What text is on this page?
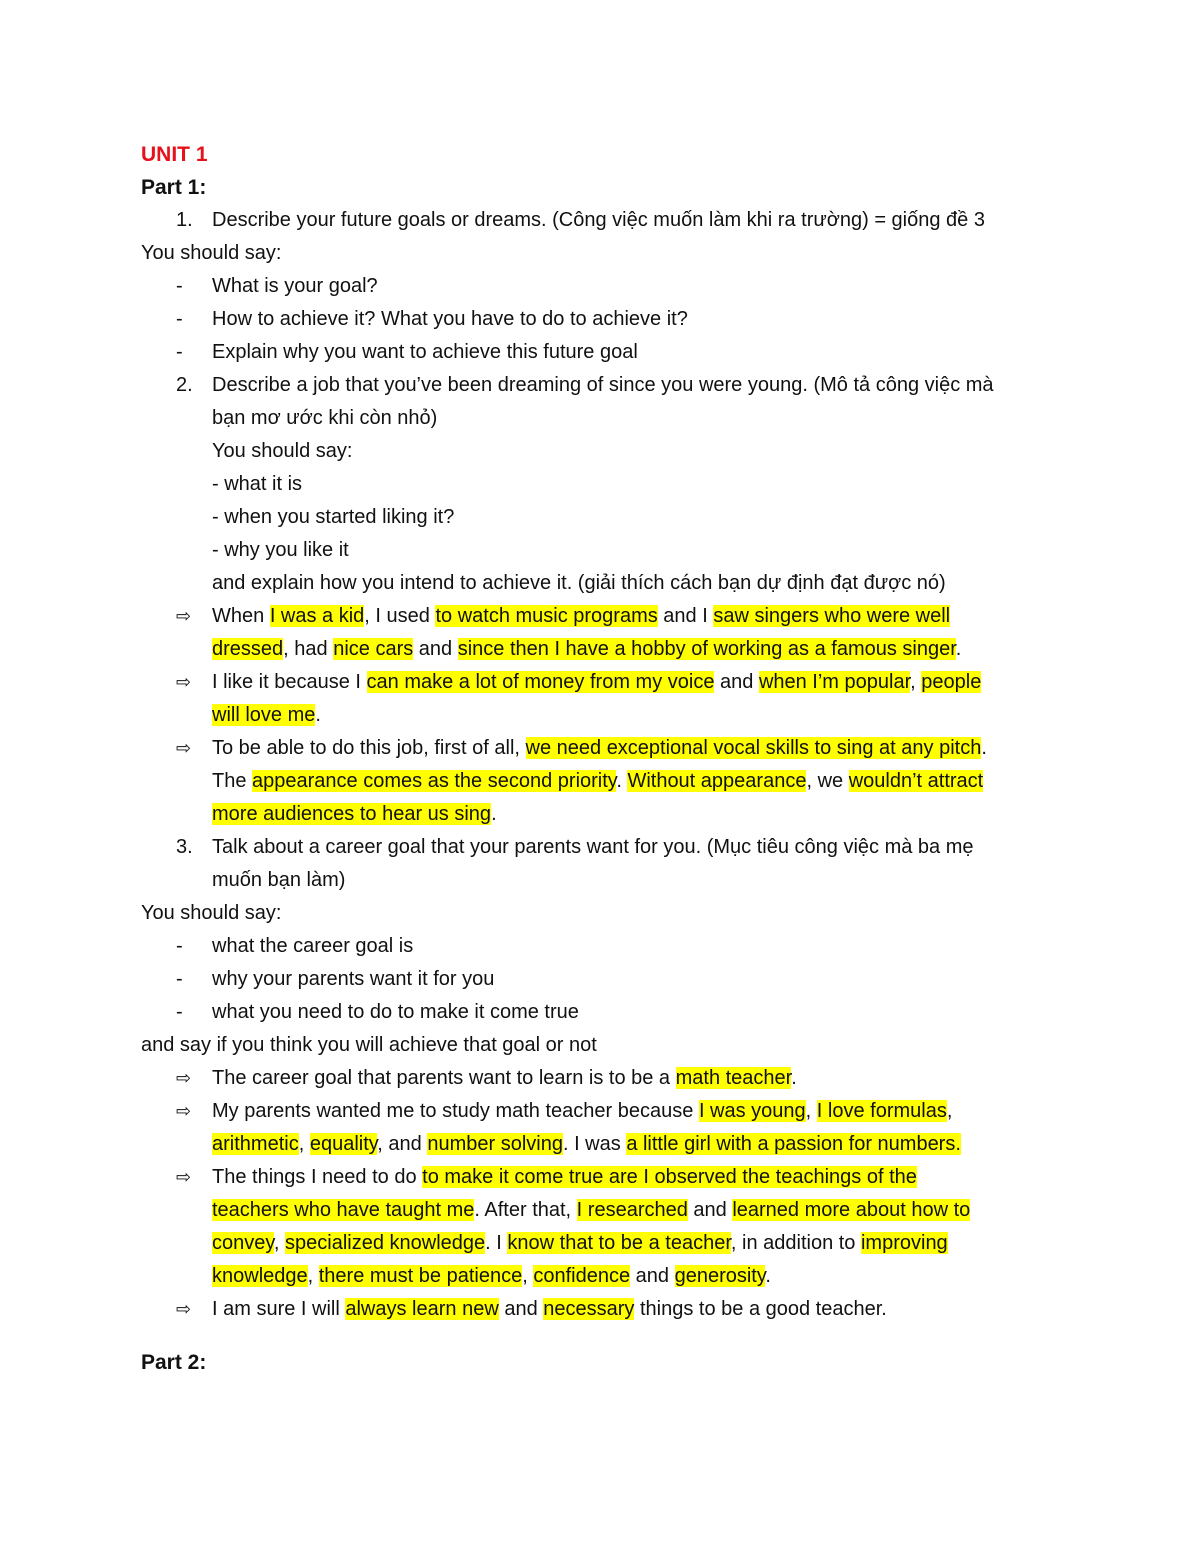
UNIT 1
Part 1:
1. Describe your future goals or dreams. (Công việc muốn làm khi ra trường) = giống đề 3
You should say:
- What is your goal?
- How to achieve it? What you have to do to achieve it?
- Explain why you want to achieve this future goal
2. Describe a job that you’ve been dreaming of since you were young. (Mô tả công việc mà
bạn mơ ước khi còn nhỏ)
You should say:
- what it is
- when you started liking it?
- why you like it
and explain how you intend to achieve it. (giải thích cách bạn dự định đạt được nó)
⇨ When I was a kid, I used to watch music programs and I saw singers who were well
dressed, had nice cars and since then I have a hobby of working as a famous singer.
⇨ I like it because I can make a lot of money from my voice and when I’m popular, people
will love me.
⇨ To be able to do this job, first of all, we need exceptional vocal skills to sing at any pitch.
The appearance comes as the second priority. Without appearance, we wouldn’t attract
more audiences to hear us sing.
3. Talk about a career goal that your parents want for you. (Mục tiêu công việc mà ba mẹ
muốn bạn làm)
You should say:
- what the career goal is
- why your parents want it for you
- what you need to do to make it come true
and say if you think you will achieve that goal or not
⇨ The career goal that parents want to learn is to be a math teacher.
⇨ My parents wanted me to study math teacher because I was young, I love formulas,
arithmetic, equality, and number solving. I was a little girl with a passion for numbers.
⇨ The things I need to do to make it come true are I observed the teachings of the
teachers who have taught me. After that, I researched and learned more about how to
convey, specialized knowledge. I know that to be a teacher, in addition to improving
knowledge, there must be patience, confidence and generosity.
⇨ I am sure I will always learn new and necessary things to be a good teacher.
Part 2:
